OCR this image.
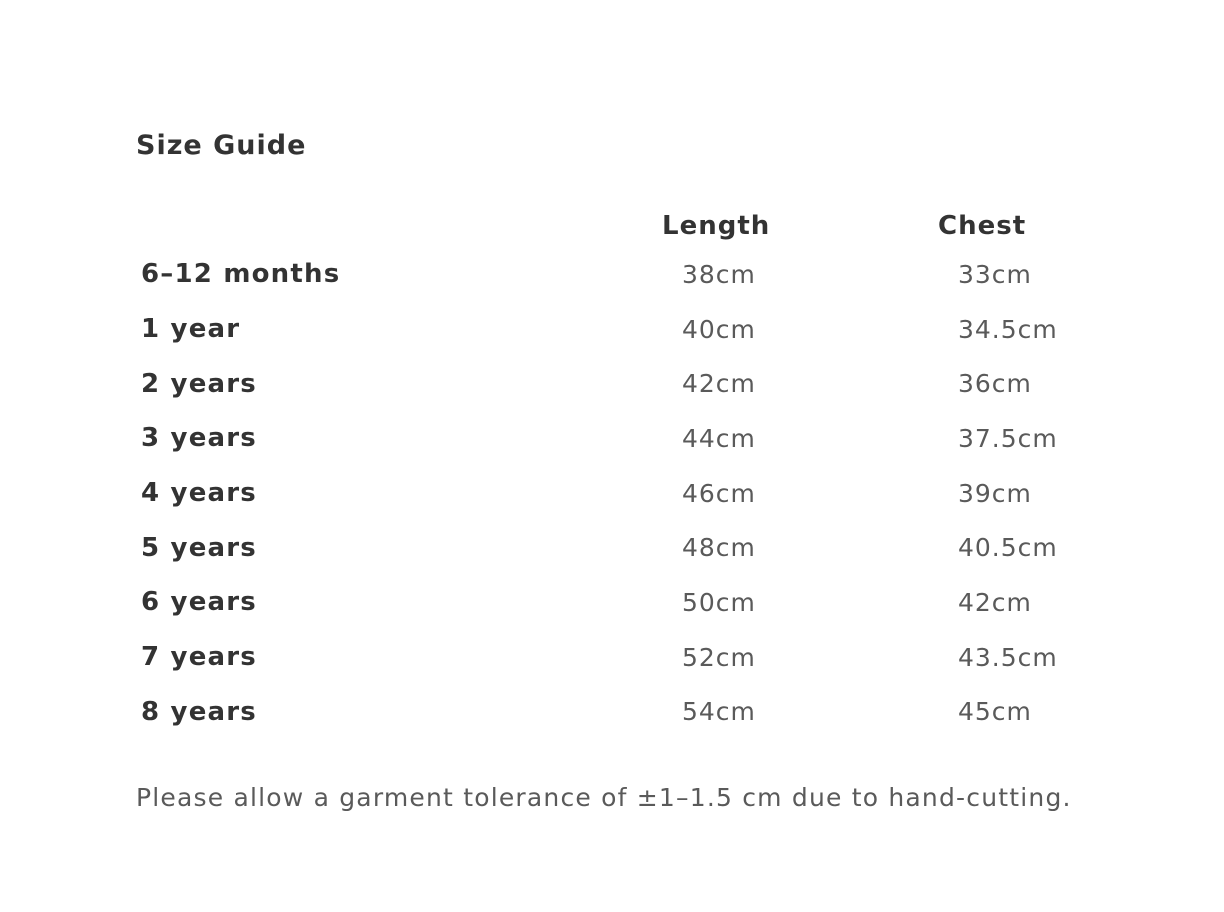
Size Guide
	Length	Chest
6–12 months	38cm	33cm
1 year	40cm	34.5cm
2 years	42cm	36cm
3 years	44cm	37.5cm
4 years	46cm	39cm
5 years	48cm	40.5cm
6 years	50cm	42cm
7 years	52cm	43.5cm
8 years	54cm	45cm

Please allow a garment tolerance of ±1–1.5 cm due to hand-cutting.
